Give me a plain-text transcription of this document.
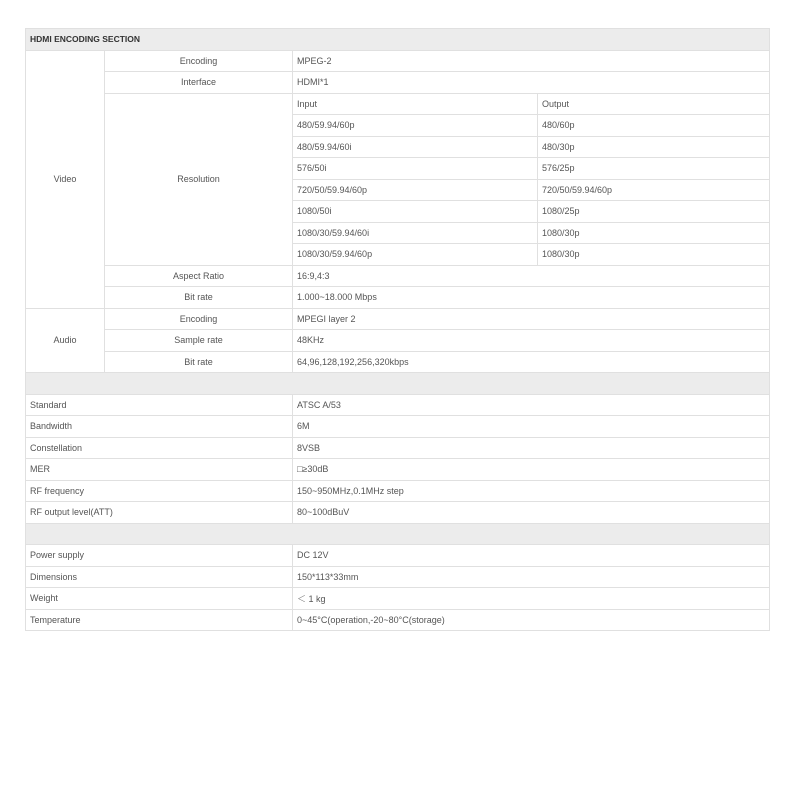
HDMI ENCODING SECTION			
Video	Encoding	MPEG-2	
	Interface	HDMI*1	
	Resolution	Input	Output
		480/59.94/60p	480/60p
		480/59.94/60i	480/30p
		576/50i	576/25p
		720/50/59.94/60p	720/50/59.94/60p
		1080/50i	1080/25p
		1080/30/59.94/60i	1080/30p
		1080/30/59.94/60p	1080/30p
	Aspect Ratio	16:9,4:3	
	Bit rate	1.000~18.000 Mbps	
Audio	Encoding	MPEGI layer 2	
	Sample rate	48KHz	
	Bit rate	64,96,128,192,256,320kbps	

Standard		ATSC A/53	
Bandwidth		6M	
Constellation		8VSB	
MER		□≥30dB	
RF frequency		150~950MHz,0.1MHz step	
RF output level(ATT)		80~100dBuV	

Power supply		DC 12V	
Dimensions		150*113*33mm	
Weight		＜ 1 kg	
Temperature		0~45°C(operation,-20~80°C(storage)	
